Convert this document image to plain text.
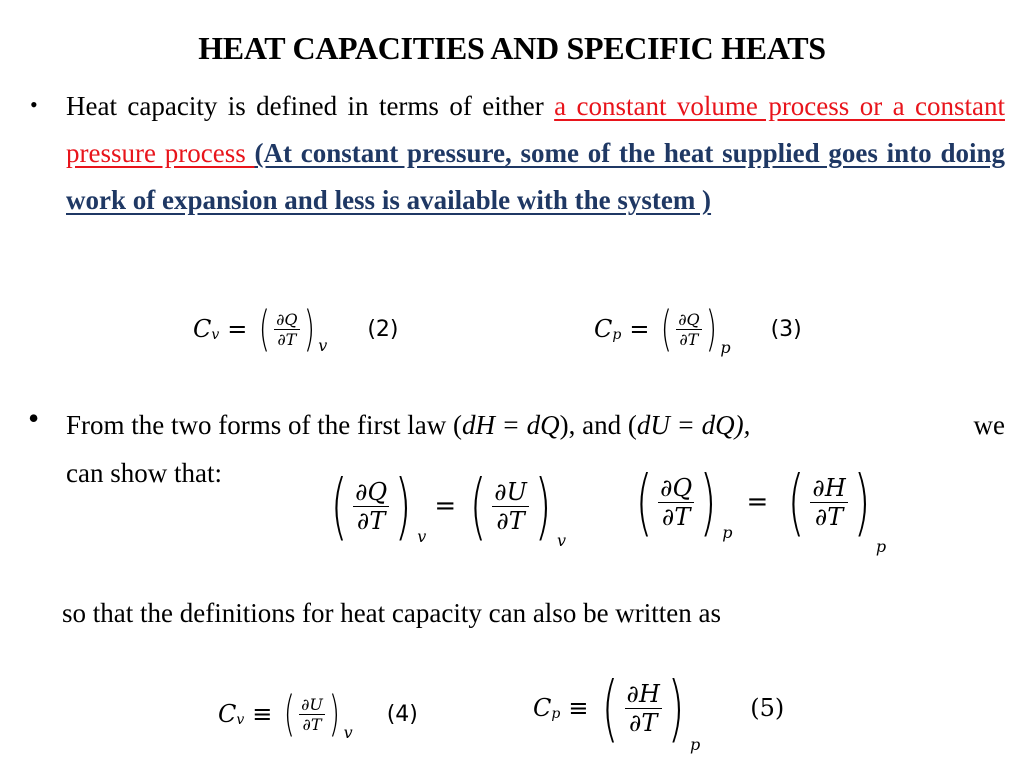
HEAT CAPACITIES AND SPECIFIC HEATS
• Heat capacity is defined in terms of either a constant volume process or a constant pressure process (At constant pressure, some of the heat supplied goes into doing work of expansion and less is available with the system )
C v = ( $\frac{\partial Q}{\partial T}$ ) v
(2)	C p = ( $\frac{\partial Q}{\partial T}$ ) p
(3)
• From the two forms of the first law (dH = dQ), and (dU = dQ),	we
can show that: ( $\frac{\partial Q}{\partial T}$ ) v
= ( $\frac{\partial U}{\partial T}$ ) v ( $\frac{\partial Q}{\partial T}$ ) p
= ( $\frac{\partial H}{\partial T}$ )
p
so that the definitions for heat capacity can also be written as
C v ≡ ( $\frac{\partial U}{\partial T}$ ) v
(4)	C p ≡ ( $\frac{\partial H}{\partial T}$ ) p
(5)
